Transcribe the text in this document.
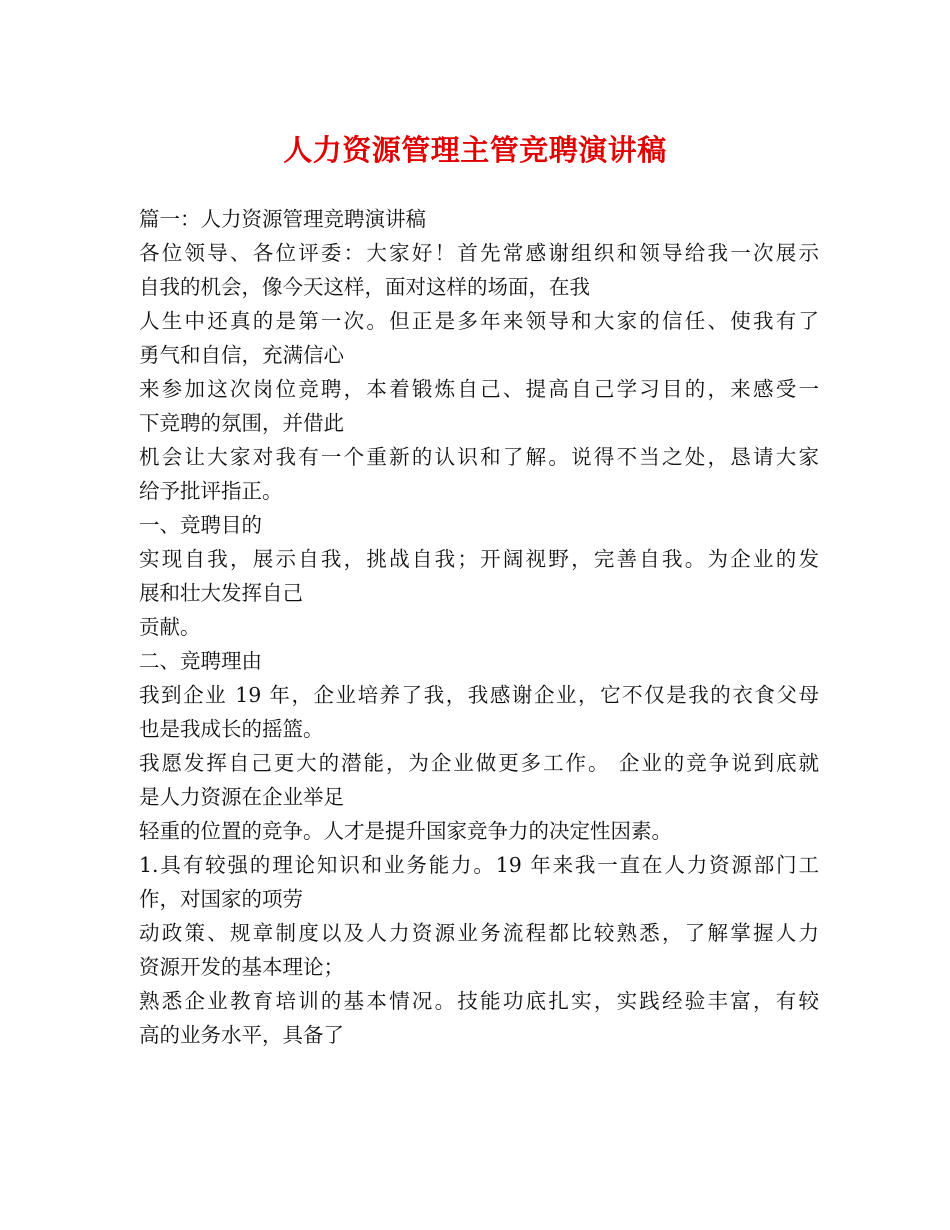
人力资源管理主管竞聘演讲稿
篇一：人力资源管理竞聘演讲稿
各位领导、各位评委：大家好！首先常感谢组织和领导给我一次展示
自我的机会，像今天这样，面对这样的场面，在我
人生中还真的是第一次。但正是多年来领导和大家的信任、使我有了
勇气和自信，充满信心
来参加这次岗位竞聘，本着锻炼自己、提高自己学习目的，来感受一
下竞聘的氛围，并借此
机会让大家对我有一个重新的认识和了解。说得不当之处，恳请大家
给予批评指正。
一、竞聘目的
实现自我，展示自我，挑战自我；开阔视野，完善自我。为企业的发
展和壮大发挥自己
贡献。
二、竞聘理由
我到企业 19 年，企业培养了我，我感谢企业，它不仅是我的衣食父母
也是我成长的摇篮。
我愿发挥自己更大的潜能，为企业做更多工作。 企业的竞争说到底就
是人力资源在企业举足
轻重的位置的竞争。人才是提升国家竞争力的决定性因素。
1.具有较强的理论知识和业务能力。19 年来我一直在人力资源部门工
作，对国家的项劳
动政策、规章制度以及人力资源业务流程都比较熟悉，了解掌握人力
资源开发的基本理论；
熟悉企业教育培训的基本情况。技能功底扎实，实践经验丰富，有较
高的业务水平，具备了
